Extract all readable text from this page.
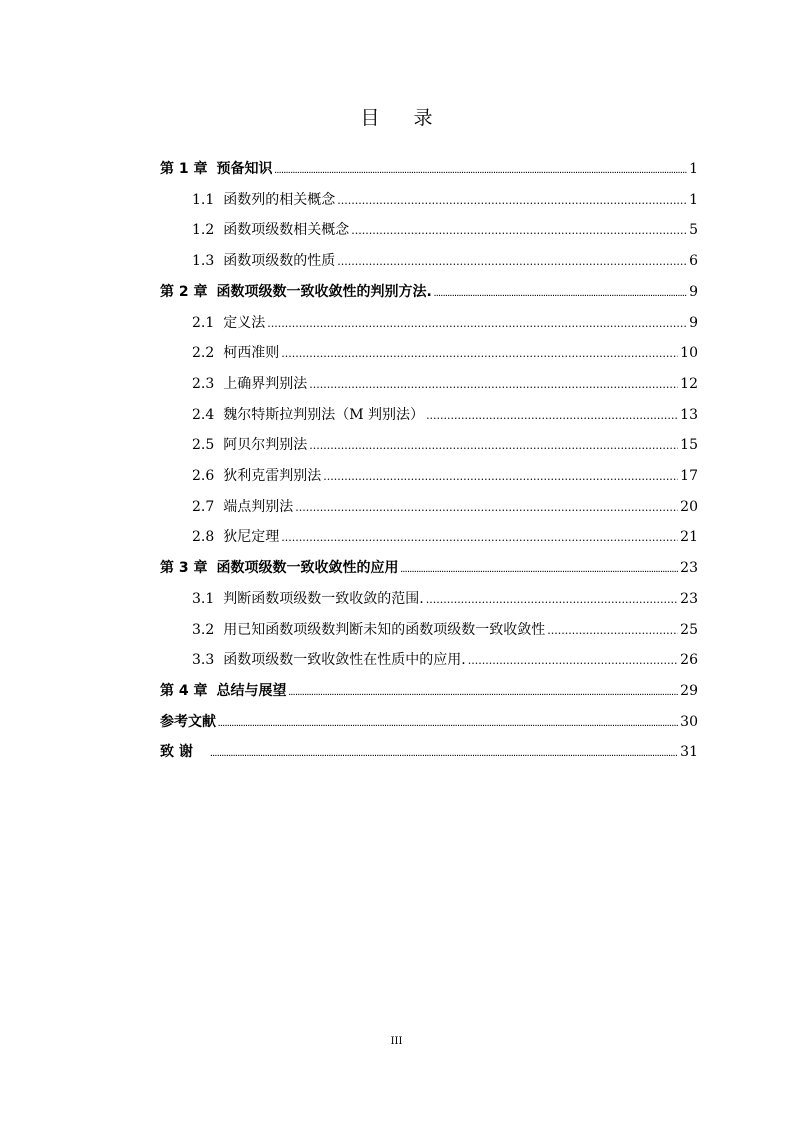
目 录
第 1 章 预备知识 .....	1
1.1 函数列的相关概念 .....	1
1.2 函数项级数相关概念 .....	5
1.3 函数项级数的性质 .....	6
第 2 章 函数项级数一致收敛性的判别方法. .....	9
2.1 定义法 .....	9
2.2 柯西准则 .....	10
2.3 上确界判别法 .....	12
2.4 魏尔特斯拉判别法（M 判别法） .....	13
2.5 阿贝尔判别法 .....	15
2.6 狄利克雷判别法 .....	17
2.7 端点判别法 .....	20
2.8 狄尼定理 .....	21
第 3 章 函数项级数一致收敛性的应用 .....	23
3.1 判断函数项级数一致收敛的范围. .....	23
3.2 用已知函数项级数判断未知的函数项级数一致收敛性 .....	25
3.3 函数项级数一致收敛性在性质中的应用. .....	26
第 4 章 总结与展望 .....	29
参考文献 .....	30
致 谢 .....	31
III
